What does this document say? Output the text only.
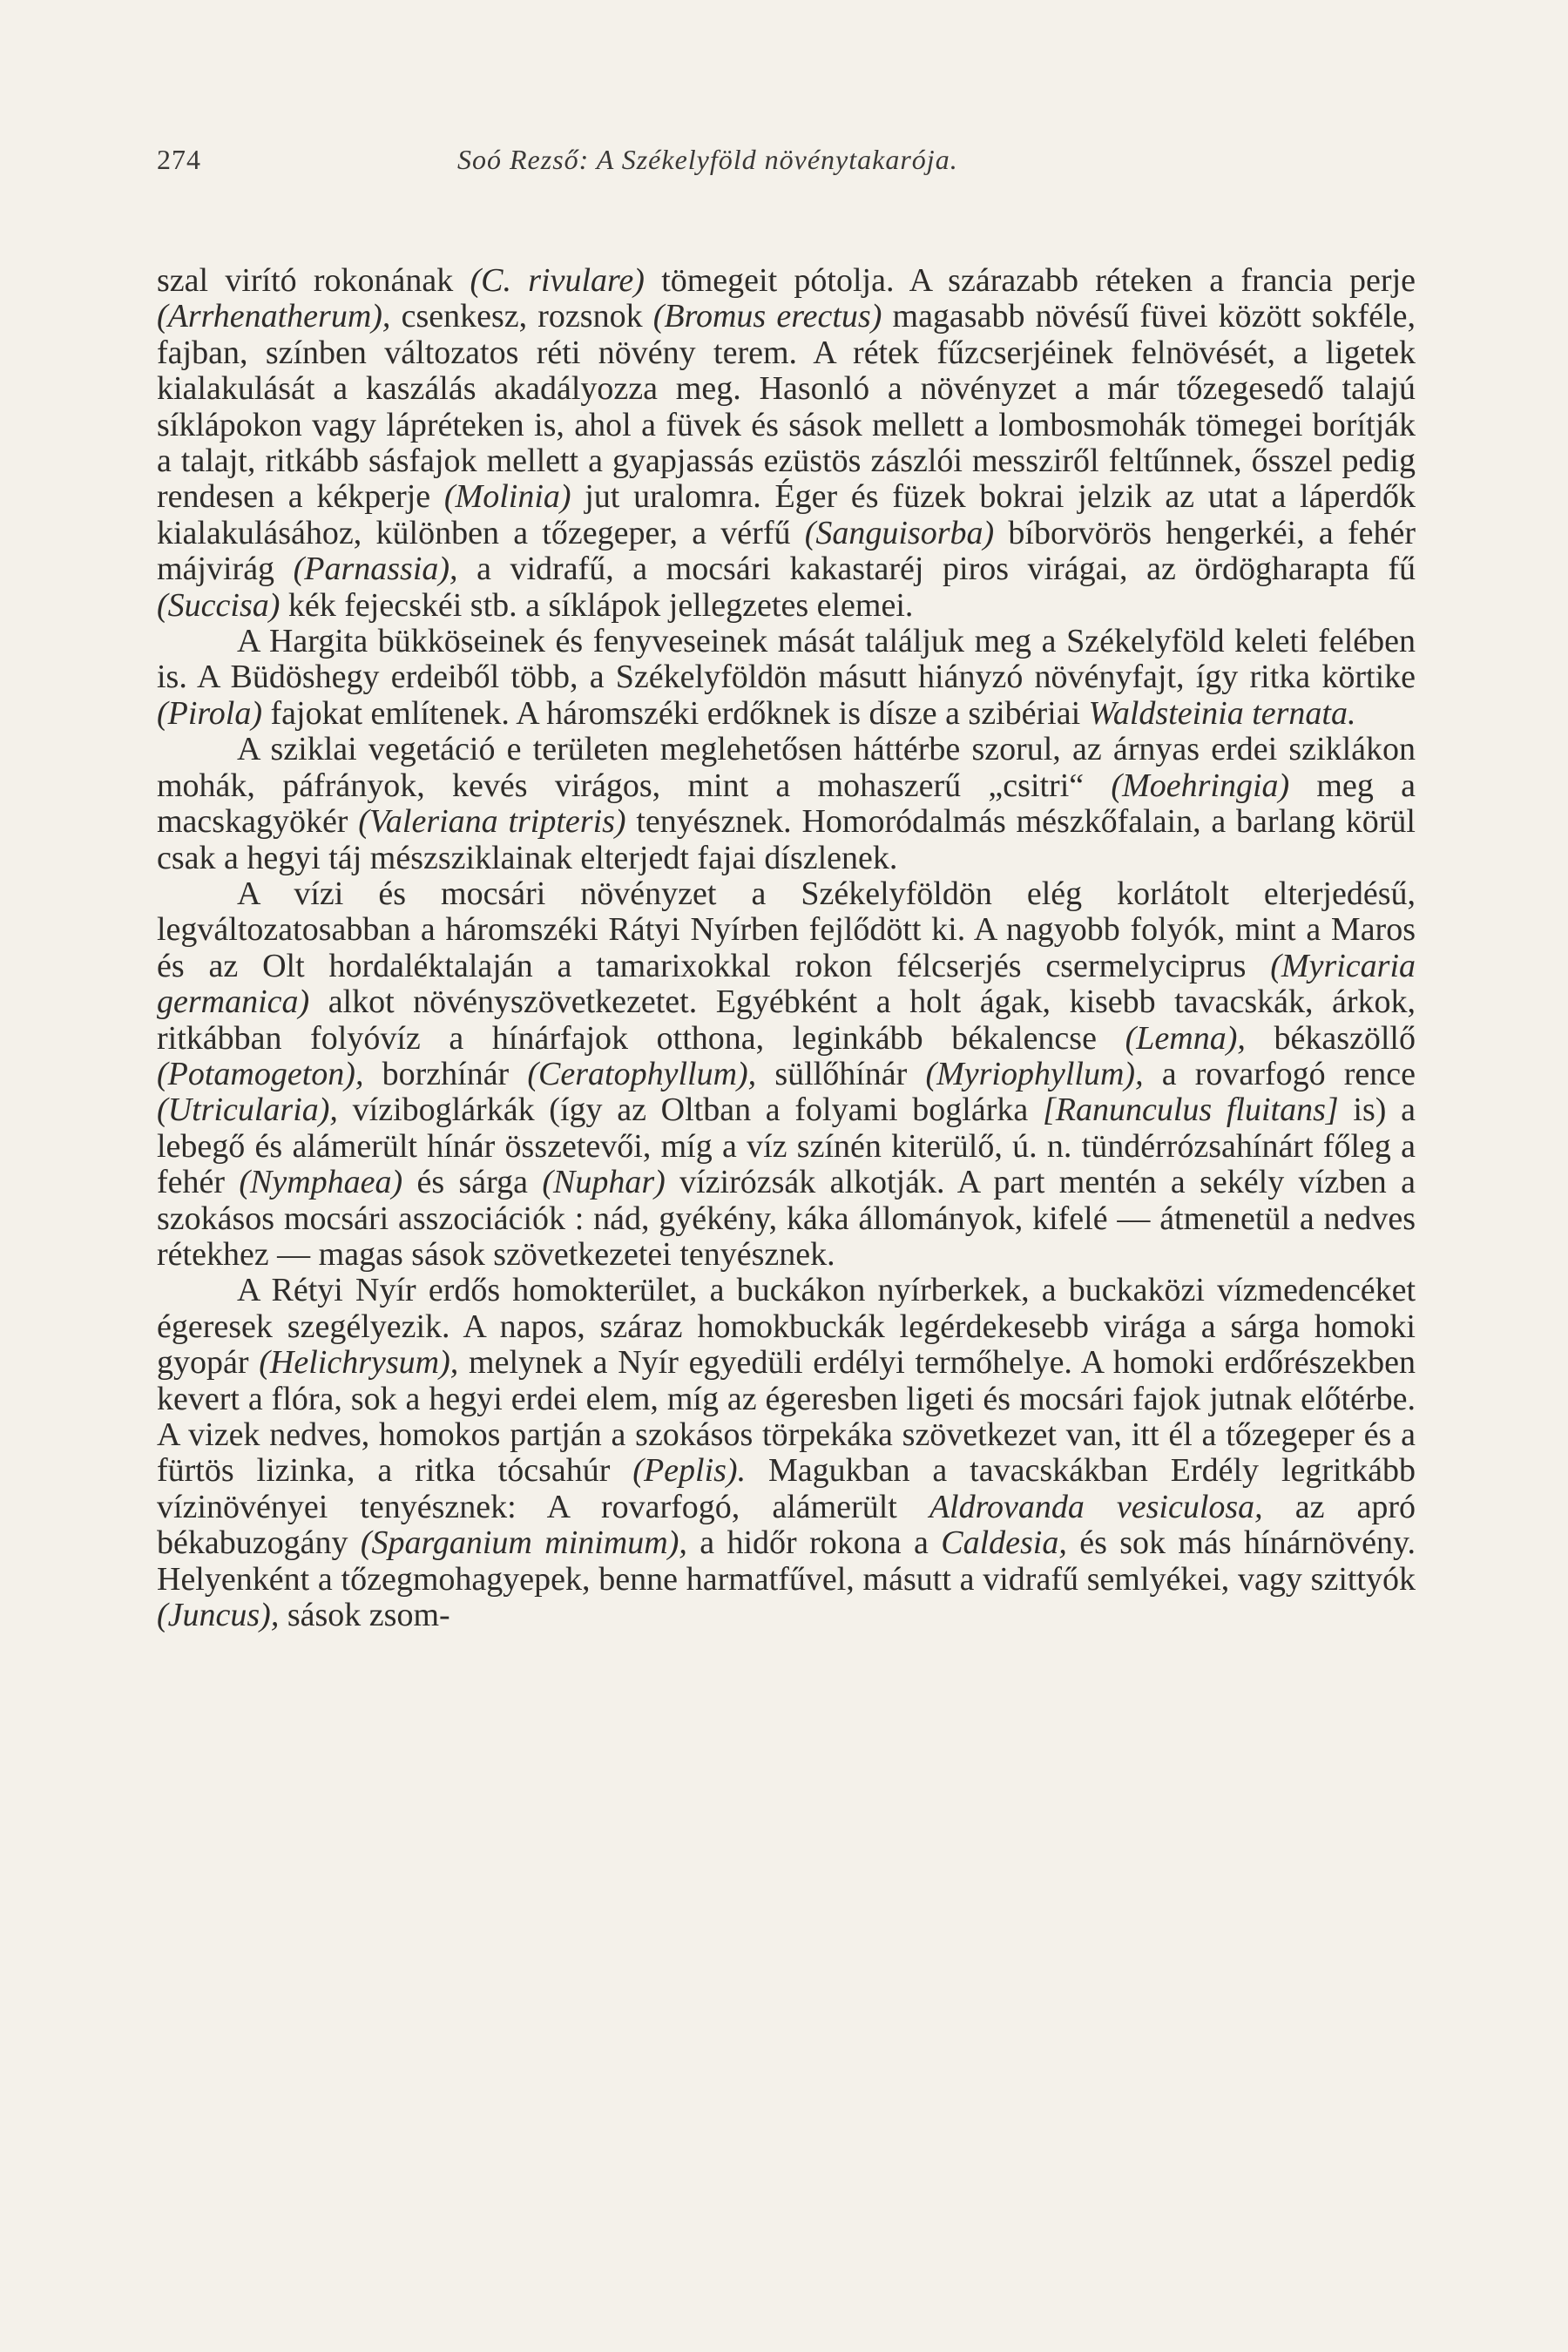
274	Soó Rezső: A Székelyföld növénytakarója.

szal virító rokonának (C. rivulare) tömegeit pótolja. A szárazabb réteken a francia perje (Arrhenatherum), csenkesz, rozsnok (Bromus erectus) magasabb növésű füvei között sokféle, fajban, színben változatos réti növény terem. A rétek fűzcserjéinek felnövését, a ligetek kialakulását a kaszálás akadályozza meg. Hasonló a növényzet a már tőzegesedő talajú síklápokon vagy lápréteken is, ahol a füvek és sások mellett a lombosmohák tömegei borítják a talajt, ritkább sásfajok mellett a gyapjassás ezüstös zászlói messziről feltűnnek, ősszel pedig rendesen a kékperje (Molinia) jut uralomra. Éger és füzek bokrai jelzik az utat a láperdők kialakulásához, különben a tőzegeper, a vérfű (Sanguisorba) bíborvörös hengerkéi, a fehér májvirág (Parnassia), a vidrafű, a mocsári kakastaréj piros virágai, az ördögharapta fű (Succisa) kék fejecskéi stb. a síklápok jellegzetes elemei.

A Hargita bükköseinek és fenyveseinek mását találjuk meg a Székelyföld keleti felében is. A Büdöshegy erdeiből több, a Székelyföldön másutt hiányzó növényfajt, így ritka körtike (Pirola) fajokat említenek. A háromszéki erdőknek is dísze a szibériai Waldsteinia ternata.

A sziklai vegetáció e területen meglehetősen háttérbe szorul, az árnyas erdei sziklákon mohák, páfrányok, kevés virágos, mint a mohaszerű „csitri“ (Moehringia) meg a macskagyökér (Valeriana tripteris) tenyésznek. Homoródalmás mészkőfalain, a barlang körül csak a hegyi táj mészsziklainak elterjedt fajai díszlenek.

A vízi és mocsári növényzet a Székelyföldön elég korlátolt elterjedésű, legváltozatosabban a háromszéki Rátyi Nyírben fejlődött ki. A nagyobb folyók, mint a Maros és az Olt hordaléktalaján a tamarixokkal rokon félcserjés csermelyciprus (Myricaria germanica) alkot növényszövetkezetet. Egyébként a holt ágak, kisebb tavacskák, árkok, ritkábban folyóvíz a hínárfajok otthona, leginkább békalencse (Lemna), békaszöllő (Potamogeton), borzhínár (Ceratophyllum), süllőhínár (Myriophyllum), a rovarfogó rence (Utricularia), víziboglárkák (így az Oltban a folyami boglárka [Ranunculus fluitans] is) a lebegő és alámerült hínár összetevői, míg a víz színén kiterülő, ú. n. tündérrózsahínárt főleg a fehér (Nymphaea) és sárga (Nuphar) vízirózsák alkotják. A part mentén a sekély vízben a szokásos mocsári asszociációk : nád, gyékény, káka állományok, kifelé — átmenetül a nedves rétekhez — magas sások szövetkezetei tenyésznek.

A Rétyi Nyír erdős homokterület, a buckákon nyírberkek, a buckaközi vízmedencéket égeresek szegélyezik. A napos, száraz homokbuckák legérdekesebb virága a sárga homoki gyopár (Helichrysum), melynek a Nyír egyedüli erdélyi termőhelye. A homoki erdőrészekben kevert a flóra, sok a hegyi erdei elem, míg az égeresben ligeti és mocsári fajok jutnak előtérbe. A vizek nedves, homokos partján a szokásos törpekáka szövetkezet van, itt él a tőzegeper és a fürtös lizinka, a ritka tócsahúr (Peplis). Magukban a tavacskákban Erdély legritkább vízinövényei tenyésznek: A rovarfogó, alámerült Aldrovanda vesiculosa, az apró békabuzogány (Sparganium minimum), a hidőr rokona a Caldesia, és sok más hínárnövény. Helyenként a tőzegmohagyepek, benne harmatfűvel, másutt a vidrafű semlyékei, vagy szittyók (Juncus), sások zsom-
